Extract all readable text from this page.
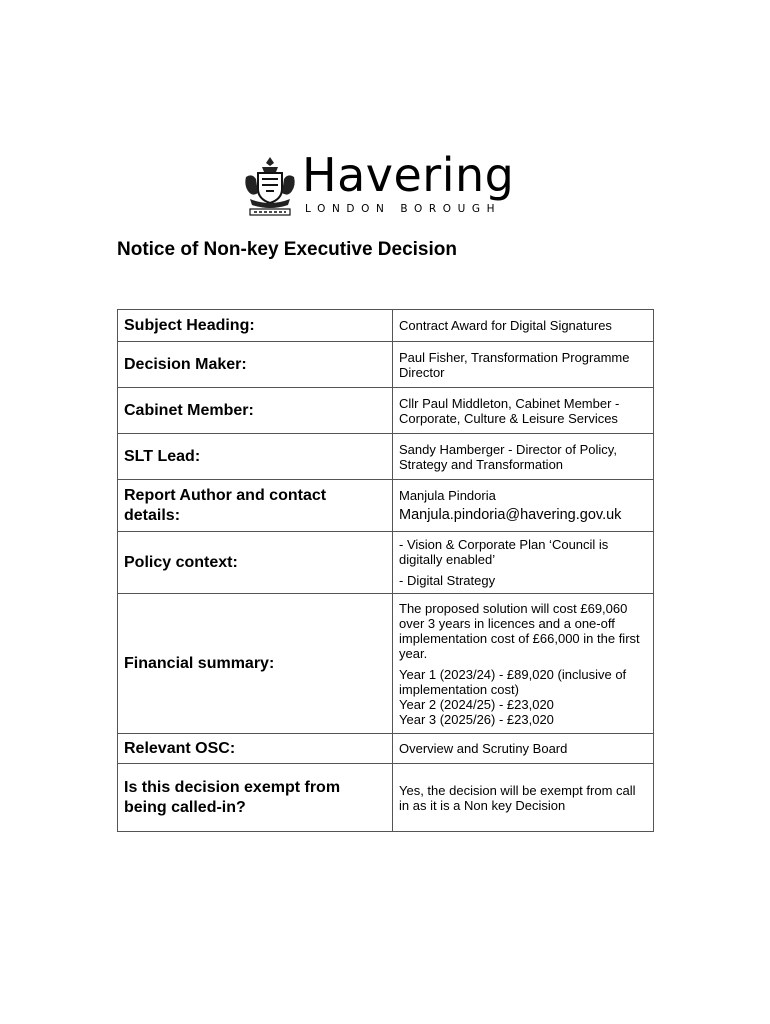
Havering
LONDON BOROUGH
Notice of Non-key Executive Decision
Subject Heading:	Contract Award for Digital Signatures

Decision Maker:	Paul Fisher, Transformation Programme Director

Cabinet Member:	Cllr Paul Middleton, Cabinet Member - Corporate, Culture & Leisure Services

SLT Lead:	Sandy Hamberger - Director of Policy, Strategy and Transformation

Report Author and contact details:	Manjula Pindoria

Manjula.pindoria@havering.gov.uk

Policy context:	- Vision & Corporate Plan ‘Council is digitally enabled’

- Digital Strategy

Financial summary:	The proposed solution will cost £69,060 over 3 years in licences and a one-off implementation cost of £66,000 in the first year.

Year 1 (2023/24) - £89,020 (inclusive of implementation cost)

Year 2 (2024/25) - £23,020

Year 3 (2025/26) - £23,020

Relevant OSC:	Overview and Scrutiny Board

Is this decision exempt from being called-in?	Yes, the decision will be exempt from call in as it is a Non key Decision
